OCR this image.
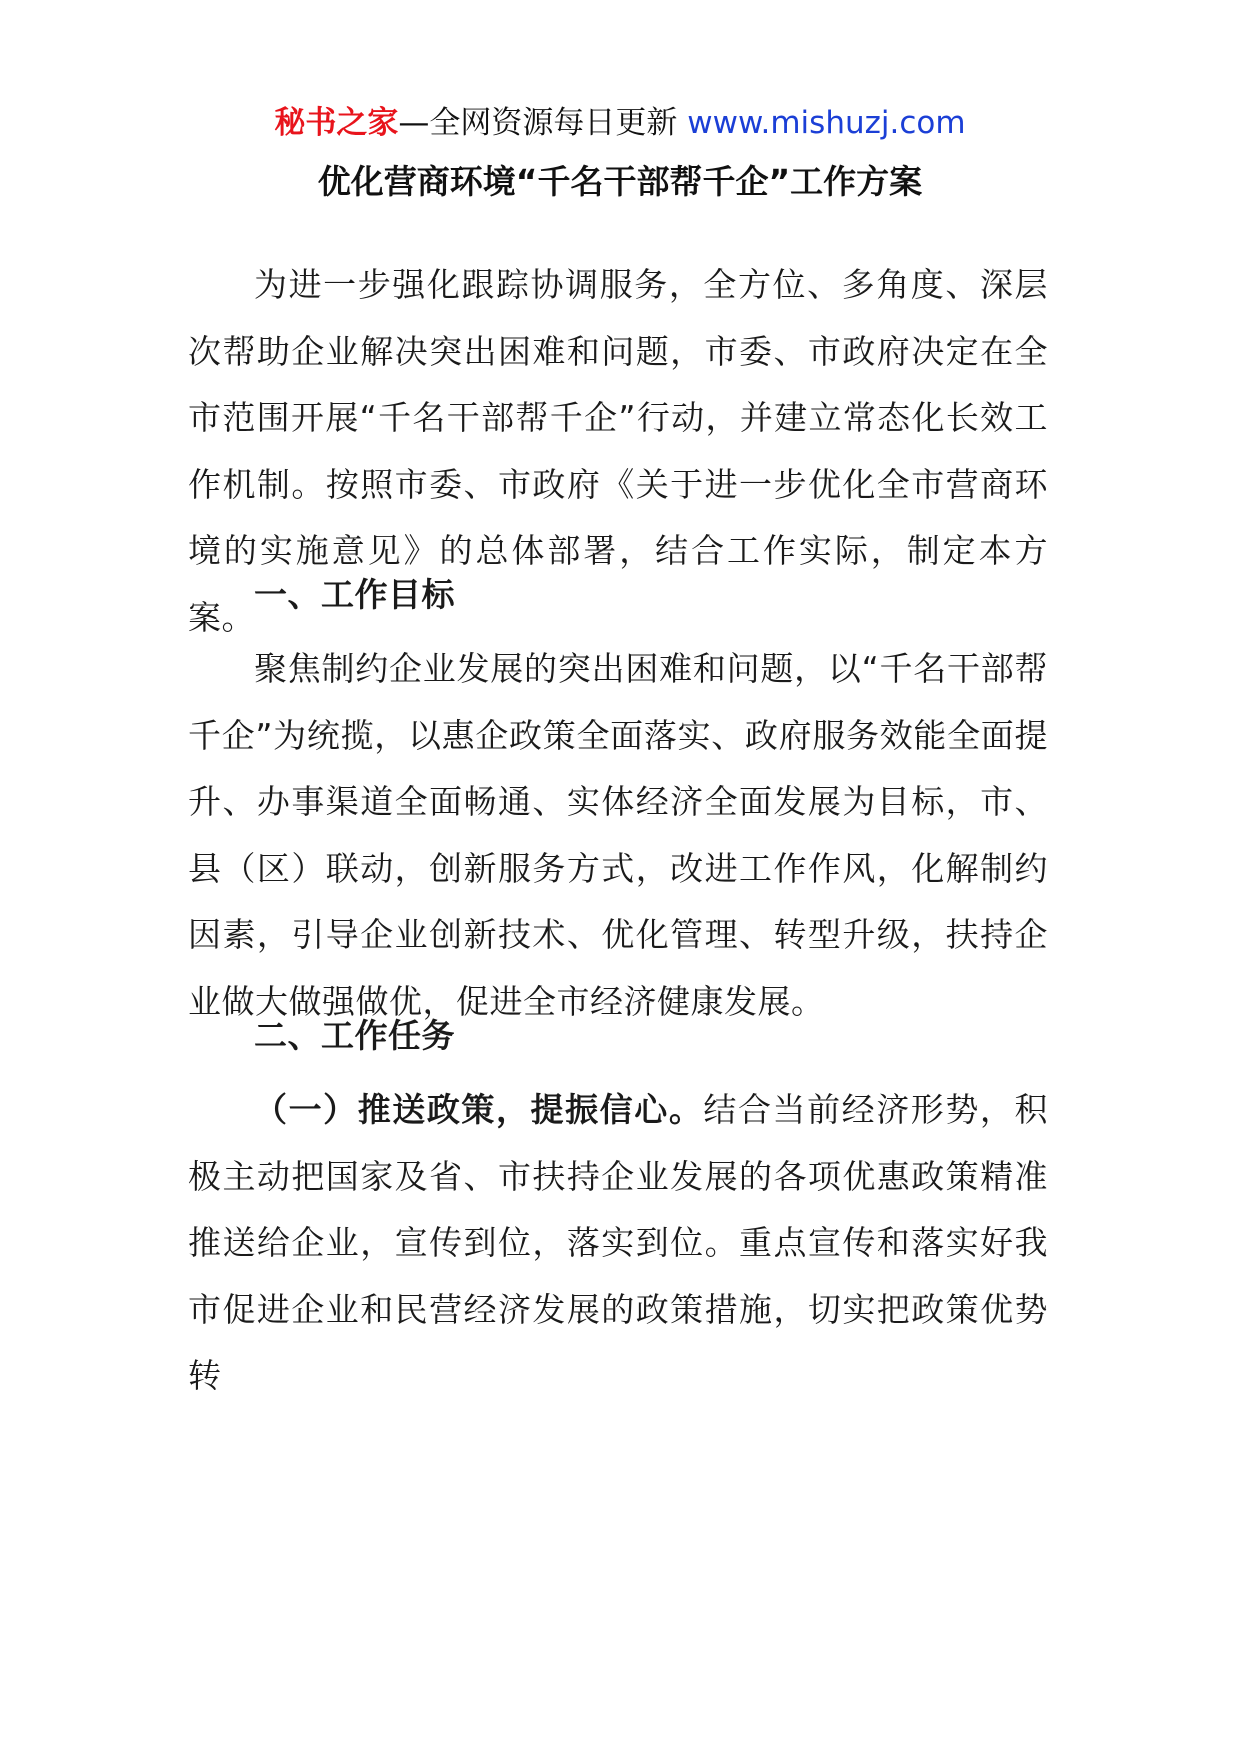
秘书之家—全网资源每日更新 www.mishuzj.com
优化营商环境“千名干部帮千企”工作方案

为进一步强化跟踪协调服务，全方位、多角度、深层次帮助企业解决突出困难和问题，市委、市政府决定在全市范围开展“千名干部帮千企”行动，并建立常态化长效工作机制。按照市委、市政府《关于进一步优化全市营商环境的实施意见》的总体部署，结合工作实际，制定本方案。

一、工作目标

聚焦制约企业发展的突出困难和问题，以“千名干部帮千企”为统揽，以惠企政策全面落实、政府服务效能全面提升、办事渠道全面畅通、实体经济全面发展为目标，市、县（区）联动，创新服务方式，改进工作作风，化解制约因素，引导企业创新技术、优化管理、转型升级，扶持企业做大做强做优，促进全市经济健康发展。

二、工作任务

（一）推送政策，提振信心。结合当前经济形势，积极主动把国家及省、市扶持企业发展的各项优惠政策精准推送给企业，宣传到位，落实到位。重点宣传和落实好我市促进企业和民营经济发展的政策措施，切实把政策优势转
